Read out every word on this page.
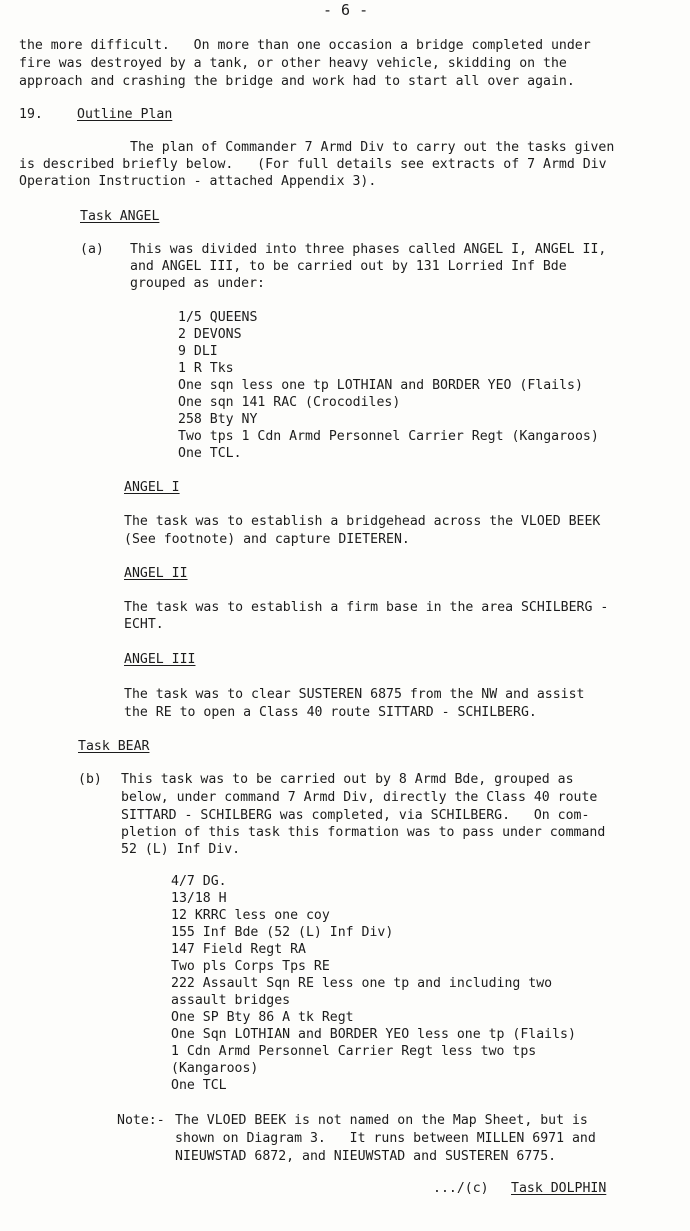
- 6 -
the more difficult.   On more than one occasion a bridge completed under
fire was destroyed by a tank, or other heavy vehicle, skidding on the
approach and crashing the bridge and work had to start all over again.
19.	Outline Plan
The plan of Commander 7 Armd Div to carry out the tasks given
is described briefly below.   (For full details see extracts of 7 Armd Div
Operation Instruction - attached Appendix 3).
Task ANGEL
(a) This was divided into three phases called ANGEL I, ANGEL II,
and ANGEL III, to be carried out by 131 Lorried Inf Bde
grouped as under:
1/5 QUEENS
2 DEVONS
9 DLI
1 R Tks
One sqn less one tp LOTHIAN and BORDER YEO (Flails)
One sqn 141 RAC (Crocodiles)
258 Bty NY
Two tps 1 Cdn Armd Personnel Carrier Regt (Kangaroos)
One TCL.
ANGEL I
The task was to establish a bridgehead across the VLOED BEEK
(See footnote) and capture DIETEREN.
ANGEL II
The task was to establish a firm base in the area SCHILBERG -
ECHT.
ANGEL III
The task was to clear SUSTEREN 6875 from the NW and assist
the RE to open a Class 40 route SITTARD - SCHILBERG.
Task BEAR
(b) This task was to be carried out by 8 Armd Bde, grouped as
below, under command 7 Armd Div, directly the Class 40 route
SITTARD - SCHILBERG was completed, via SCHILBERG.   On com-
pletion of this task this formation was to pass under command
52 (L) Inf Div.
4/7 DG.
13/18 H
12 KRRC less one coy
155 Inf Bde (52 (L) Inf Div)
147 Field Regt RA
Two pls Corps Tps RE
222 Assault Sqn RE less one tp and including two
assault bridges
One SP Bty 86 A tk Regt
One Sqn LOTHIAN and BORDER YEO less one tp (Flails)
1 Cdn Armd Personnel Carrier Regt less two tps
(Kangaroos)
One TCL
Note:- The VLOED BEEK is not named on the Map Sheet, but is
shown on Diagram 3.   It runs between MILLEN 6971 and
NIEUWSTAD 6872, and NIEUWSTAD and SUSTEREN 6775.
.../(c) Task DOLPHIN
